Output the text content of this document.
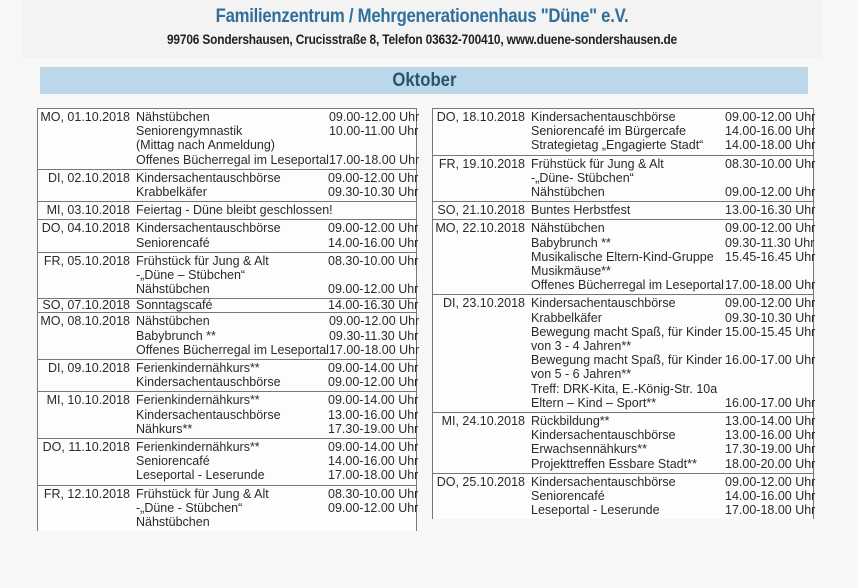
Familienzentrum / Mehrgenerationenhaus "Düne" e.V.
99706 Sondershausen, Crucisstraße 8, Telefon 03632-700410, www.duene-sondershausen.de
Oktober
MO, 01.10.2018 Nähstübchen
Seniorengymnastik
(Mittag nach Anmeldung)
Offenes Bücherregal im Leseportal
09.00-12.00 Uhr
10.00-11.00 Uhr

17.00-18.00 Uhr
DI, 02.10.2018 Kindersachentauschbörse
Krabbelkäfer
09.00-12.00 Uhr
09.30-10.30 Uhr
MI, 03.10.2018 Feiertag - Düne bleibt geschlossen!
DO, 04.10.2018 Kindersachentauschbörse
Seniorencafé
09.00-12.00 Uhr
14.00-16.00 Uhr
FR, 05.10.2018 Frühstück für Jung & Alt
-„Düne – Stübchen“
Nähstübchen
08.30-10.00 Uhr

09.00-12.00 Uhr
SO, 07.10.2018 Sonntagscafé	14.00-16.30 Uhr
MO, 08.10.2018 Nähstübchen
Babybrunch **
Offenes Bücherregal im Leseportal
09.00-12.00 Uhr
09.30-11.30 Uhr
17.00-18.00 Uhr
DI, 09.10.2018 Ferienkindernähkurs**
Kindersachentauschbörse
09.00-14.00 Uhr
09.00-12.00 Uhr
MI, 10.10.2018 Ferienkindernähkurs**
Kindersachentauschbörse
Nähkurs**
09.00-14.00 Uhr
13.00-16.00 Uhr
17.30-19.00 Uhr
DO, 11.10.2018 Ferienkindernähkurs**
Seniorencafé
Leseportal - Leserunde
09.00-14.00 Uhr
14.00-16.00 Uhr
17.00-18.00 Uhr
FR, 12.10.2018 Frühstück für Jung & Alt
-„Düne - Stübchen“
Nähstübchen
08.30-10.00 Uhr
09.00-12.00 Uhr

DO, 18.10.2018 Kindersachentauschbörse
Seniorencafé im Bürgercafe
Strategietag „Engagierte Stadt“
09.00-12.00 Uhr
14.00-16.00 Uhr
14.00-18.00 Uhr
FR, 19.10.2018 Frühstück für Jung & Alt
-„Düne- Stübchen“
Nähstübchen
08.30-10.00 Uhr

09.00-12.00 Uhr
SO, 21.10.2018 Buntes Herbstfest	13.00-16.30 Uhr
MO, 22.10.2018 Nähstübchen
Babybrunch **
Musikalische Eltern-Kind-Gruppe
Musikmäuse**
Offenes Bücherregal im Leseportal
09.00-12.00 Uhr
09.30-11.30 Uhr
15.45-16.45 Uhr

17.00-18.00 Uhr
DI, 23.10.2018 Kindersachentauschbörse
Krabbelkäfer
Bewegung macht Spaß, für Kinder
von 3 - 4 Jahren**
Bewegung macht Spaß, für Kinder
von 5 - 6 Jahren**
Treff: DRK-Kita, E.-König-Str. 10a
Eltern – Kind – Sport**
09.00-12.00 Uhr
09.30-10.30 Uhr
15.00-15.45 Uhr

16.00-17.00 Uhr

16.00-17.00 Uhr
MI, 24.10.2018 Rückbildung**
Kindersachentauschbörse
Erwachsennähkurs**
Projekttreffen Essbare Stadt**
13.00-14.00 Uhr
13.00-16.00 Uhr
17.30-19.00 Uhr
18.00-20.00 Uhr
DO, 25.10.2018 Kindersachentauschbörse
Seniorencafé
Leseportal - Leserunde
09.00-12.00 Uhr
14.00-16.00 Uhr
17.00-18.00 Uhr
